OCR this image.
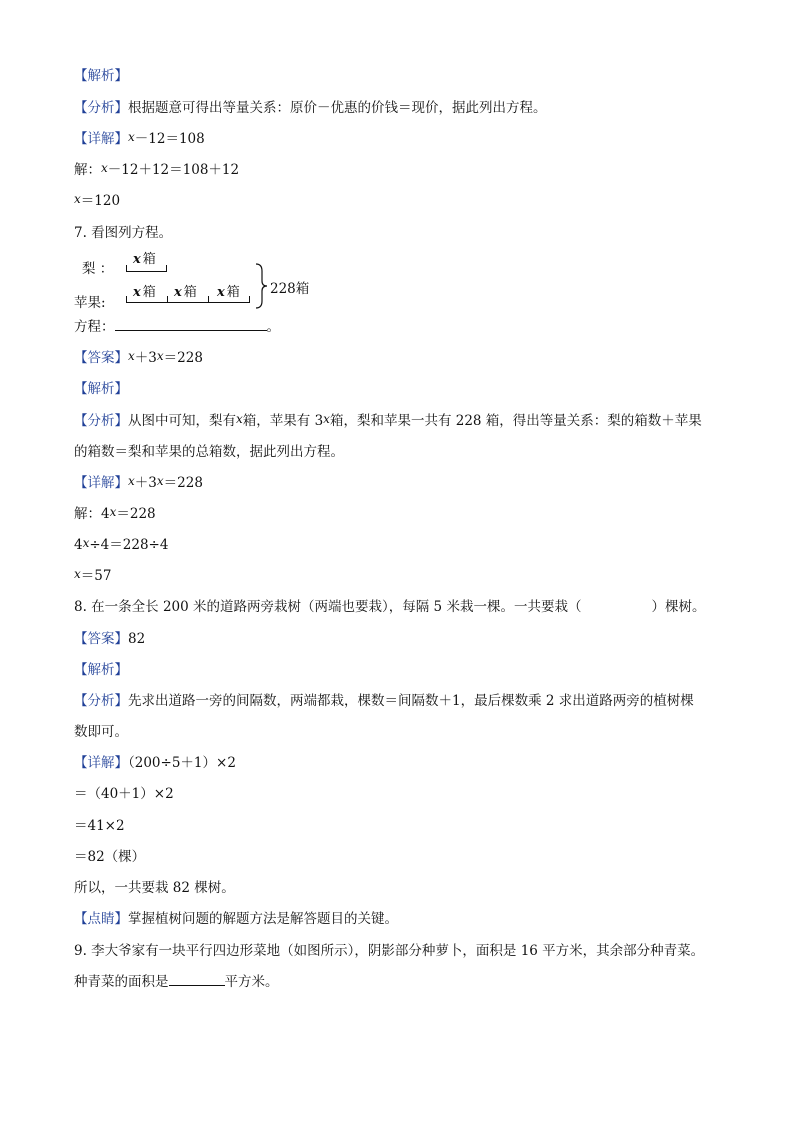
【解析】
【分析】根据题意可得出等量关系：原价－优惠的价钱＝现价，据此列出方程。
【详解】x－12＝108
解：x－12＋12＝108＋12
x＝120
7. 看图列方程。
梨 ：
苹果:
x 箱
x 箱 x 箱 x 箱 228箱
方程：	。
【答案】x＋3x＝228
【解析】
【分析】从图中可知，梨有x箱，苹果有 3x箱，梨和苹果一共有 228 箱，得出等量关系：梨的箱数＋苹果
的箱数＝梨和苹果的总箱数，据此列出方程。
【详解】x＋3x＝228
解：4x＝228
4x÷4＝228÷4
x＝57
8. 在一条全长 200 米的道路两旁栽树（两端也要栽），每隔 5 米栽一棵。一共要栽（	）棵树。
【答案】82
【解析】
【分析】先求出道路一旁的间隔数，两端都栽，棵数＝间隔数＋1，最后棵数乘 2 求出道路两旁的植树棵
数即可。
【详解】（200÷5＋1）×2
＝（40＋1）×2
＝41×2
＝82（棵）
所以，一共要栽 82 棵树。
【点睛】掌握植树问题的解题方法是解答题目的关键。
9. 李大爷家有一块平行四边形菜地（如图所示），阴影部分种萝卜，面积是 16 平方米，其余部分种青菜。
种青菜的面积是	平方米。
